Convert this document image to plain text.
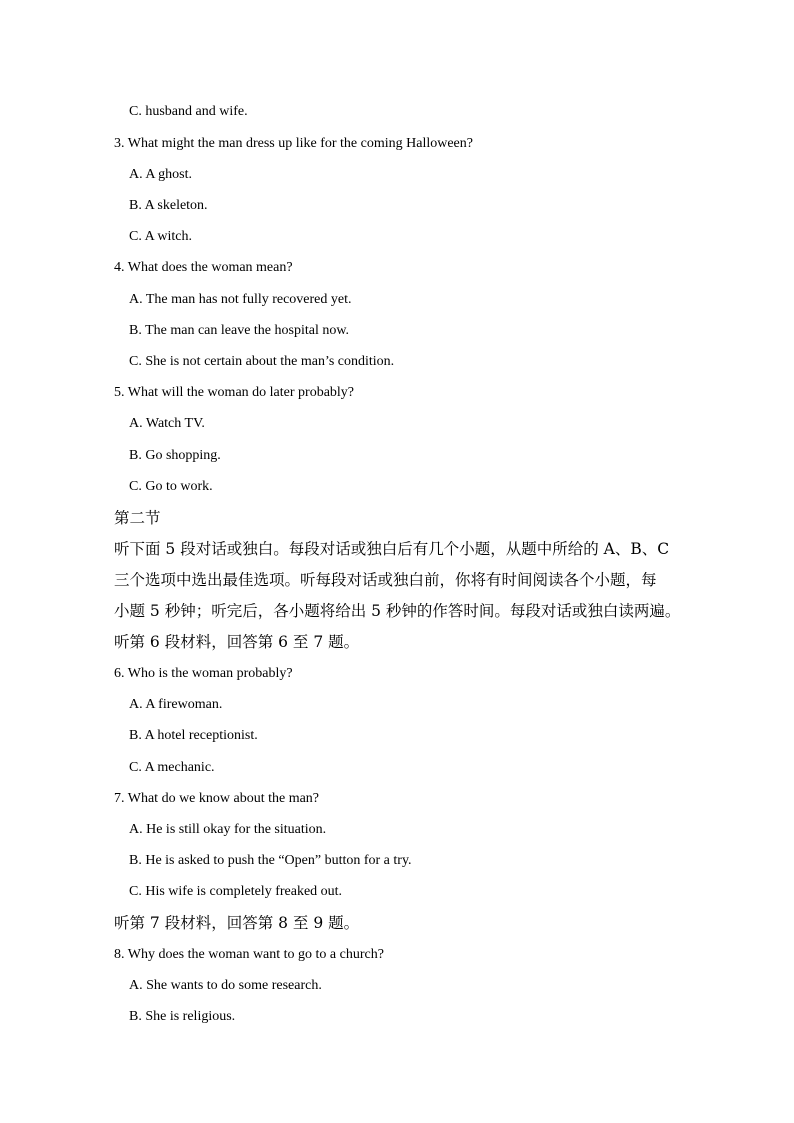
C. husband and wife.
3. What might the man dress up like for the coming Halloween?
A. A ghost.
B. A skeleton.
C. A witch.
4. What does the woman mean?
A. The man has not fully recovered yet.
B. The man can leave the hospital now.
C. She is not certain about the man’s condition.
5. What will the woman do later probably?
A. Watch TV.
B. Go shopping.
C. Go to work.
第二节
听下面 5 段对话或独白。每段对话或独白后有几个小题，从题中所给的 A、B、C
三个选项中选出最佳选项。听每段对话或独白前，你将有时间阅读各个小题，每
小题 5 秒钟；听完后，各小题将给出 5 秒钟的作答时间。每段对话或独白读两遍。
听第 6 段材料，回答第 6 至 7 题。
6. Who is the woman probably?
A. A firewoman.
B. A hotel receptionist.
C. A mechanic.
7. What do we know about the man?
A. He is still okay for the situation.
B. He is asked to push the “Open” button for a try.
C. His wife is completely freaked out.
听第 7 段材料，回答第 8 至 9 题。
8. Why does the woman want to go to a church?
A. She wants to do some research.
B. She is religious.
